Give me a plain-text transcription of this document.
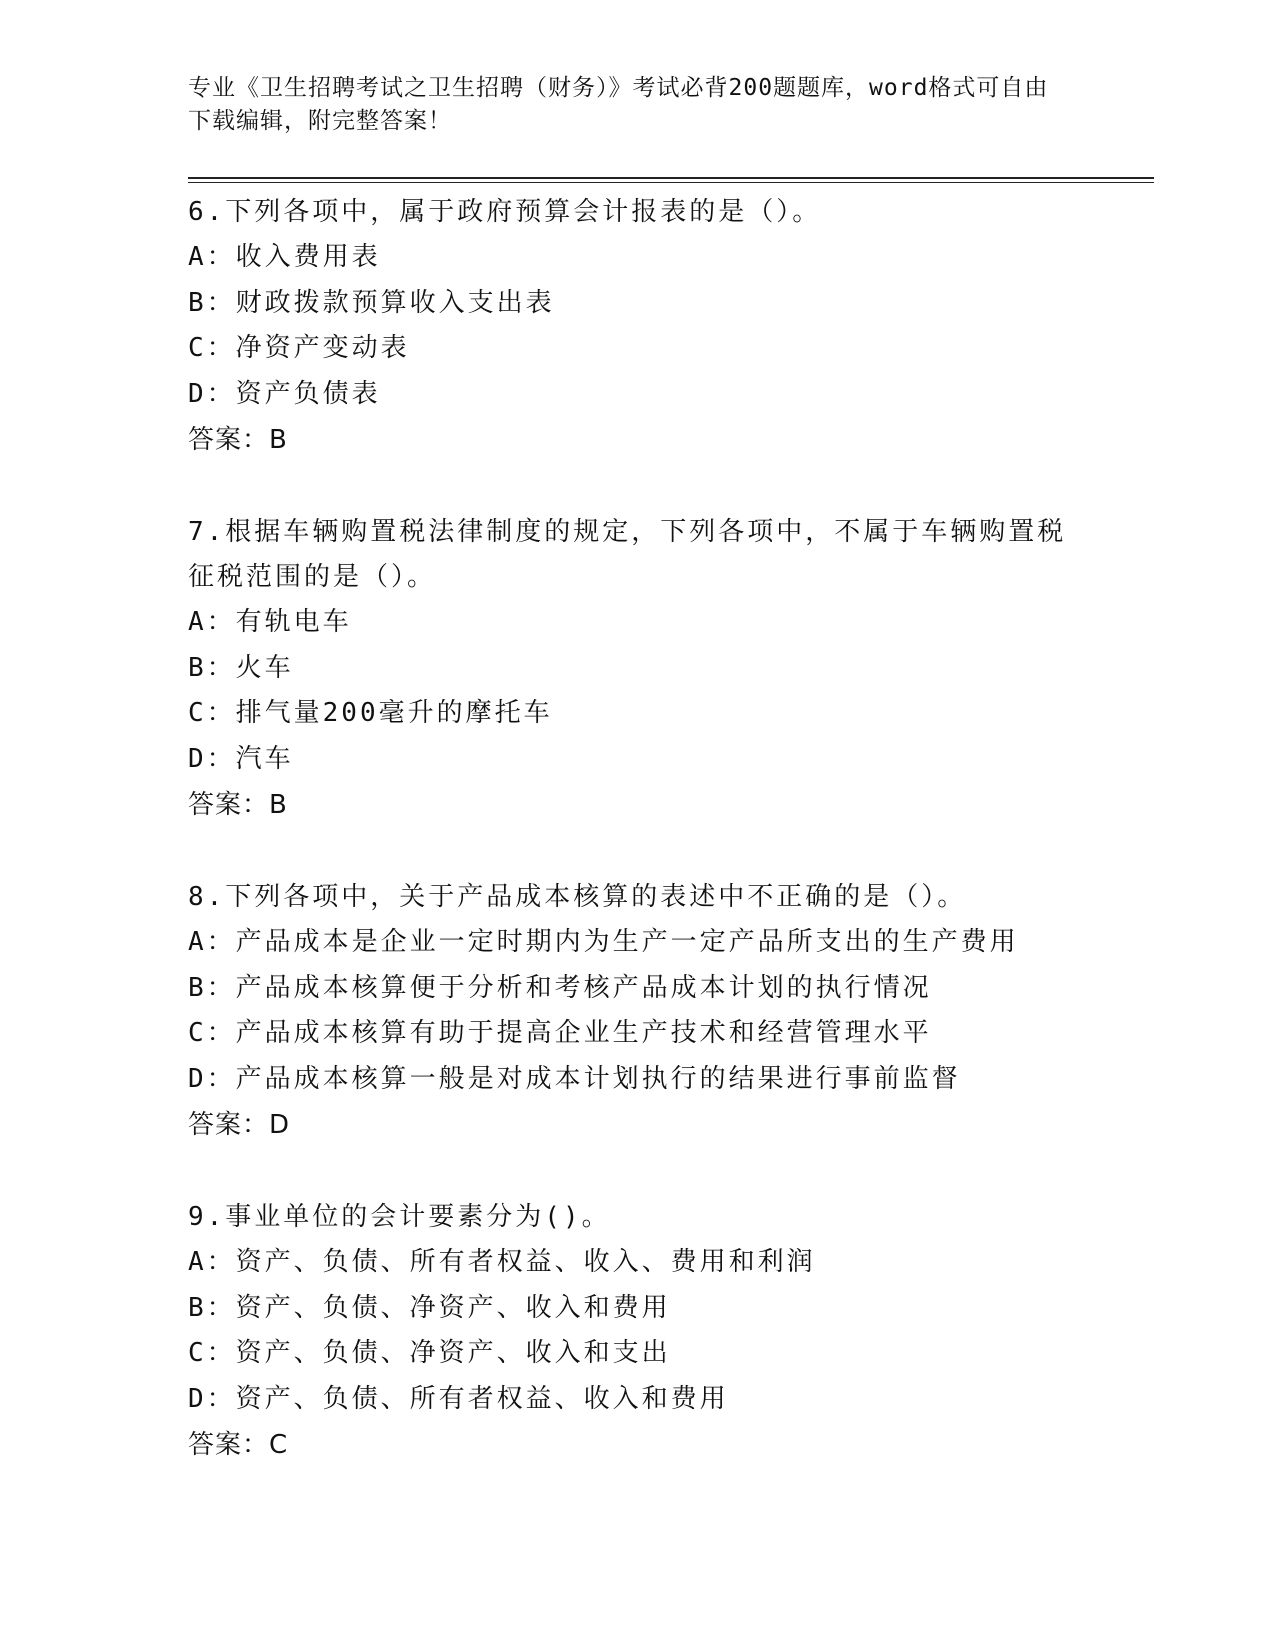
专业《卫生招聘考试之卫生招聘（财务）》考试必背200题题库，word格式可自由下载编辑，附完整答案！
6.下列各项中，属于政府预算会计报表的是（）。
A：收入费用表
B：财政拨款预算收入支出表
C：净资产变动表
D：资产负债表
答案：B
7.根据车辆购置税法律制度的规定，下列各项中，不属于车辆购置税征税范围的是（）。
A：有轨电车
B：火车
C：排气量200毫升的摩托车
D：汽车
答案：B
8.下列各项中，关于产品成本核算的表述中不正确的是（）。
A：产品成本是企业一定时期内为生产一定产品所支出的生产费用
B：产品成本核算便于分析和考核产品成本计划的执行情况
C：产品成本核算有助于提高企业生产技术和经营管理水平
D：产品成本核算一般是对成本计划执行的结果进行事前监督
答案：D
9.事业单位的会计要素分为()。
A：资产、负债、所有者权益、收入、费用和利润
B：资产、负债、净资产、收入和费用
C：资产、负债、净资产、收入和支出
D：资产、负债、所有者权益、收入和费用
答案：C
